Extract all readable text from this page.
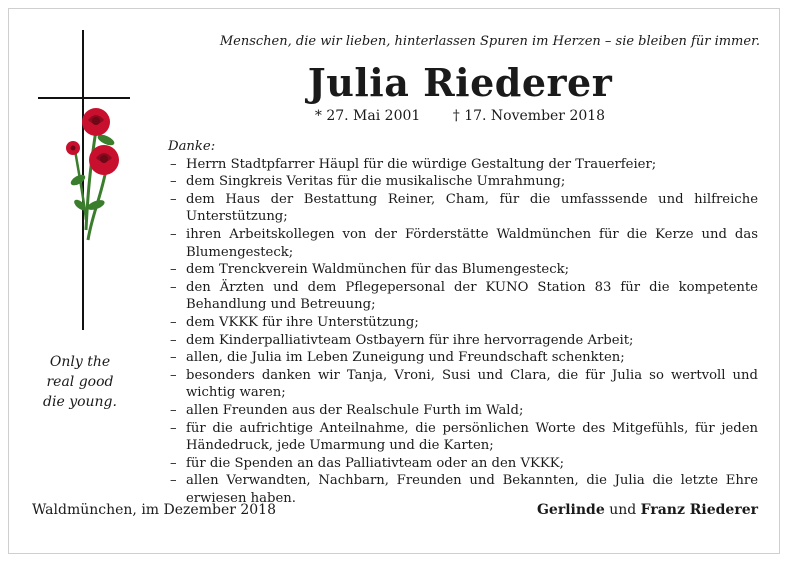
Menschen, die wir lieben, hinterlassen Spuren im Herzen – sie bleiben für immer.
Julia Riederer
* 27. Mai 2001 † 17. November 2018
Danke:
– Herrn Stadtpfarrer Häupl für die würdige Gestaltung der Trauerfeier;
– dem Singkreis Veritas für die musikalische Umrahmung;
– dem Haus der Bestattung Reiner, Cham, für die umfasssende und hilfreiche Unterstützung;
– ihren Arbeitskollegen von der Förderstätte Waldmünchen für die Kerze und das Blumengesteck;
– dem Trenckverein Waldmünchen für das Blumengesteck;
– den Ärzten und dem Pflegepersonal der KUNO Station 83 für die kompetente Behandlung und Betreuung;
– dem VKKK für ihre Unterstützung;
– dem Kinderpalliativteam Ostbayern für ihre hervorragende Arbeit;
– allen, die Julia im Leben Zuneigung und Freundschaft schenkten;
– besonders danken wir Tanja, Vroni, Susi und Clara, die für Julia so wertvoll und wichtig waren;
– allen Freunden aus der Realschule Furth im Wald;
– für die aufrichtige Anteilnahme, die persönlichen Worte des Mitgefühls, für jeden Händedruck, jede Umarmung und die Karten;
– für die Spenden an das Palliativteam oder an den VKKK;
– allen Verwandten, Nachbarn, Freunden und Bekannten, die Julia die letzte Ehre erwiesen haben.
Only the
real good
die young.
Waldmünchen, im Dezember 2018	Gerlinde und Franz Riederer
